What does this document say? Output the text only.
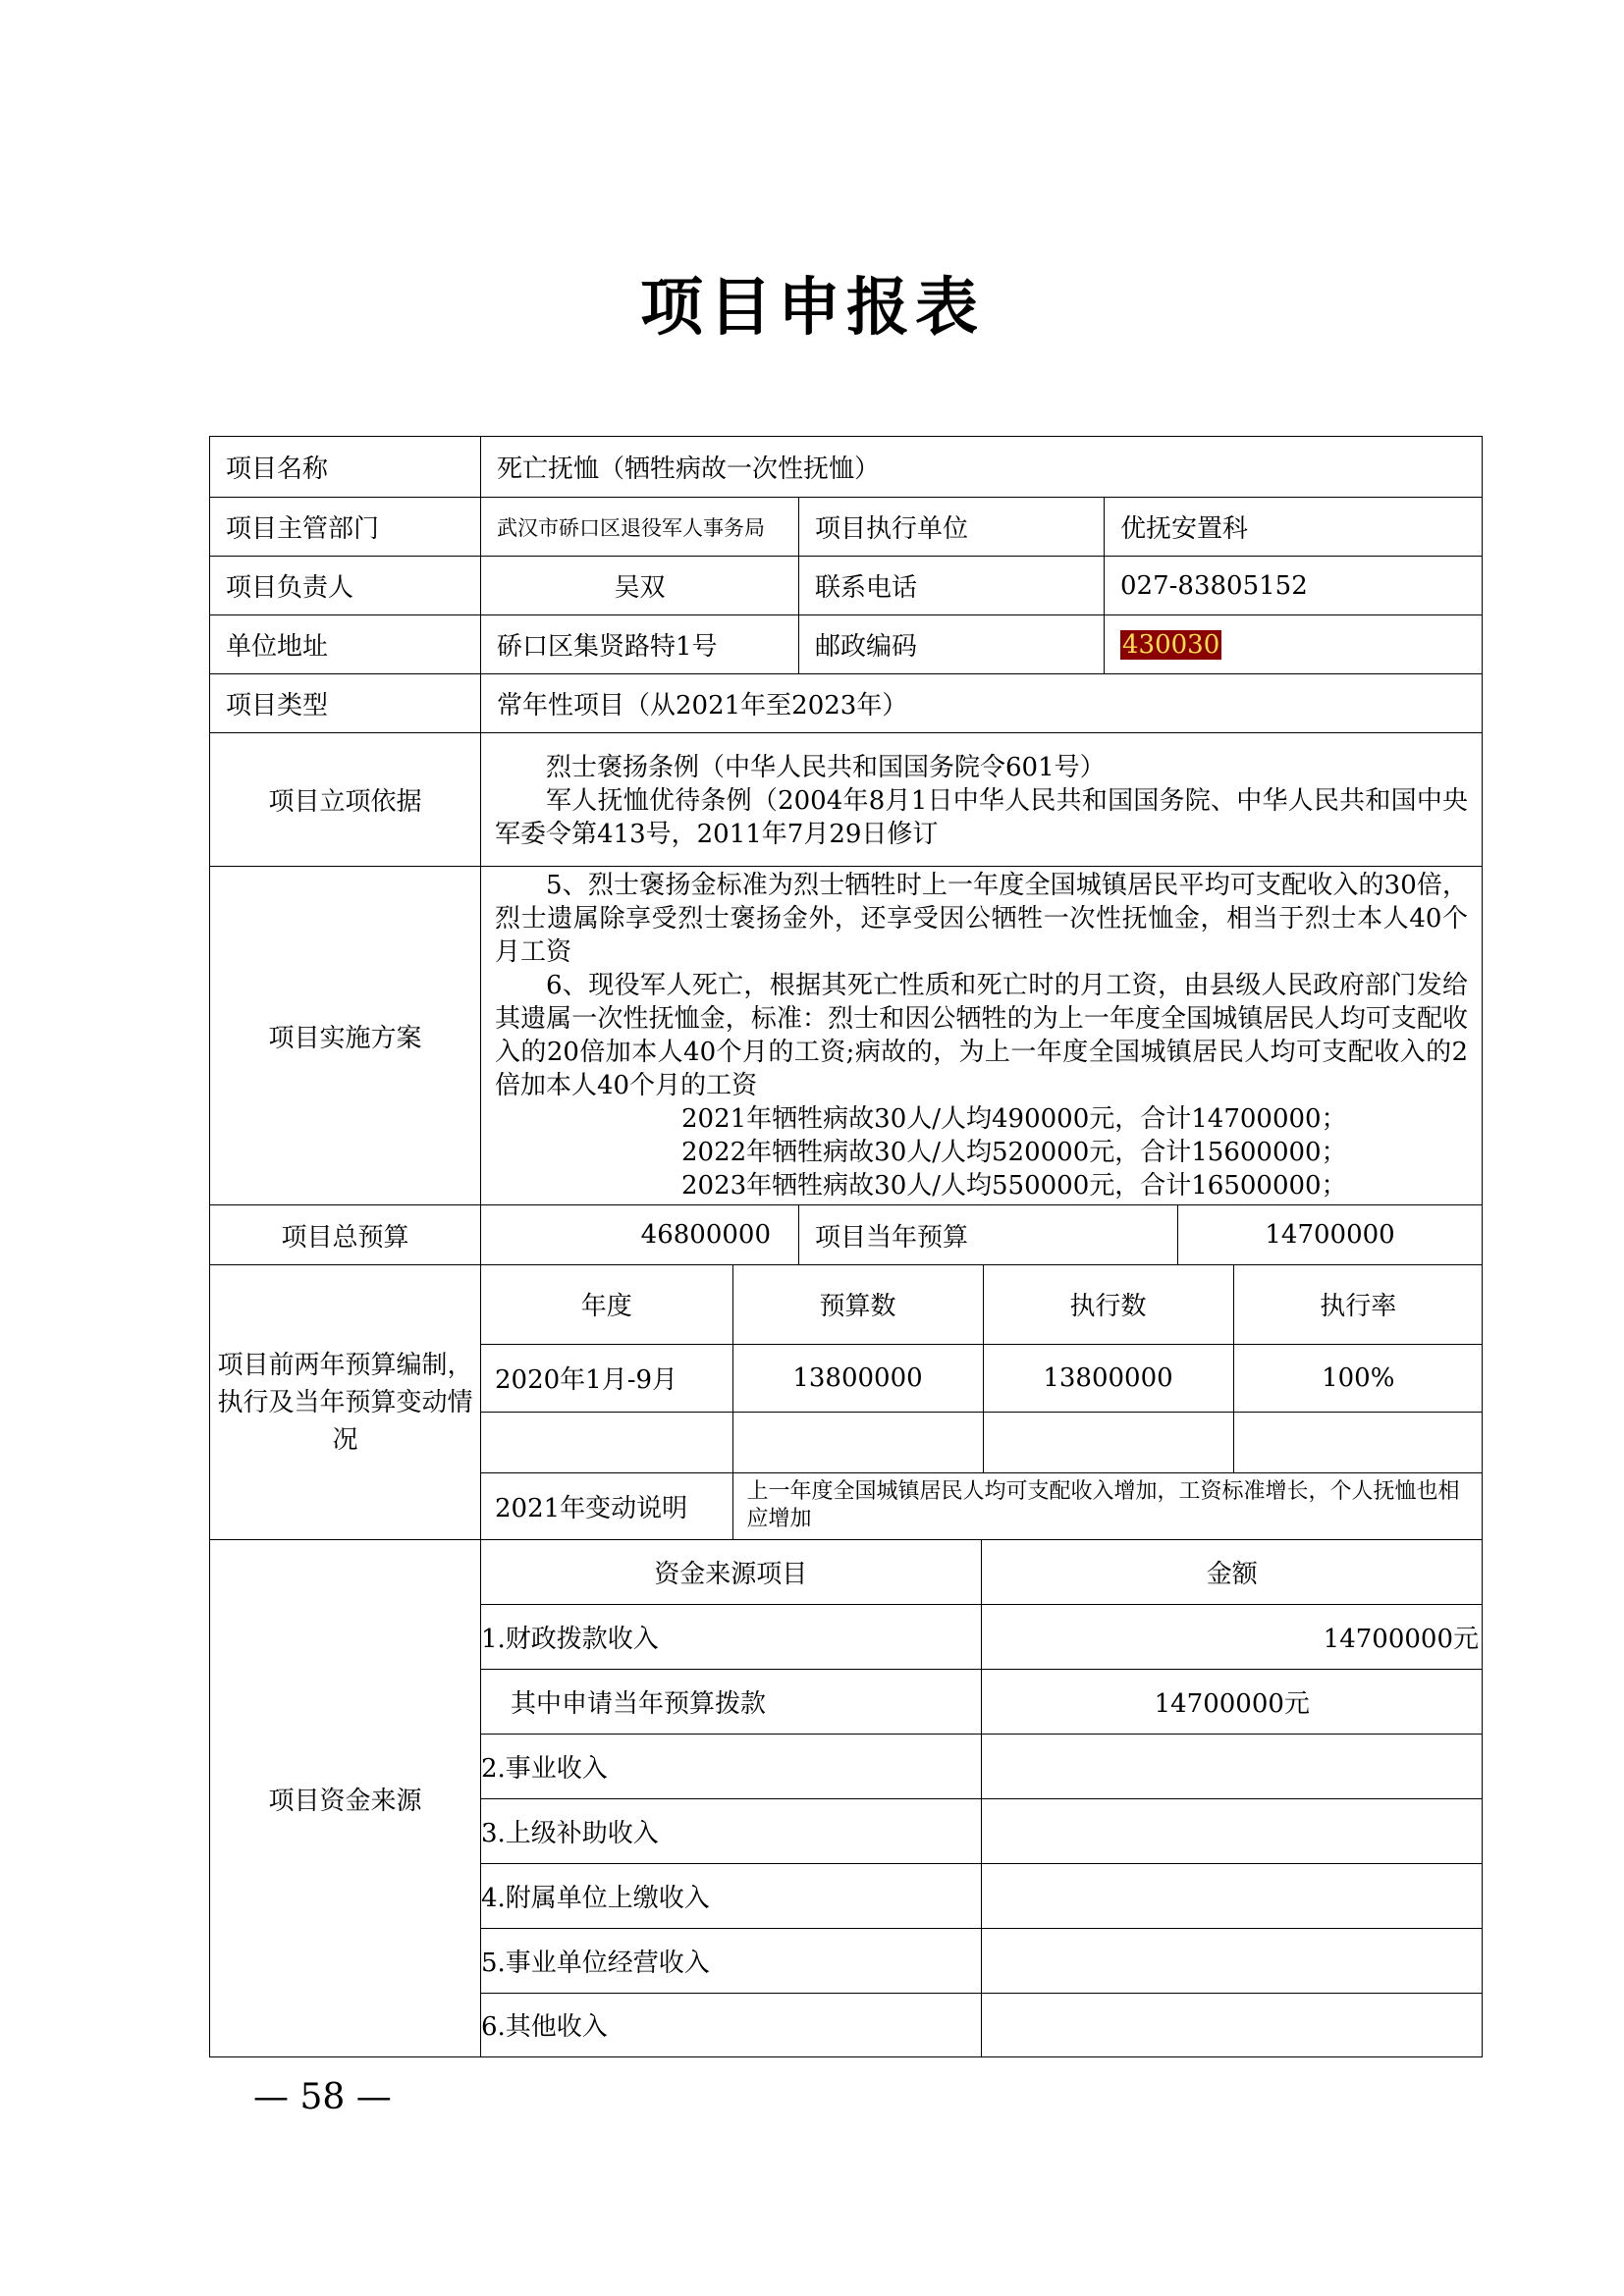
项目申报表
项目名称	死亡抚恤（牺牲病故一次性抚恤）
项目主管部门	武汉市硚口区退役军人事务局	项目执行单位	优抚安置科
项目负责人	吴双	联系电话	027-83805152
单位地址	硚口区集贤路特1号	邮政编码	430030
项目类型	常年性项目（从2021年至2023年）
项目立项依据	

烈士褒扬条例（中华人民共和国国务院令601号）

军人抚恤优待条例（2004年8月1日中华人民共和国国务院、中华人民共和国中央军委令第413号，2011年7月29日修订

项目实施方案	

5、烈士褒扬金标准为烈士牺牲时上一年度全国城镇居民平均可支配收入的30倍，烈士遗属除享受烈士褒扬金外，还享受因公牺牲一次性抚恤金，相当于烈士本人40个月工资

6、现役军人死亡，根据其死亡性质和死亡时的月工资，由县级人民政府部门发给其遗属一次性抚恤金，标准：烈士和因公牺牲的为上一年度全国城镇居民人均可支配收入的20倍加本人40个月的工资;病故的，为上一年度全国城镇居民人均可支配收入的2倍加本人40个月的工资

2021年牺牲病故30人/人均490000元，合计14700000；

2022年牺牲病故30人/人均520000元，合计15600000；

2023年牺牲病故30人/人均550000元，合计16500000；

项目总预算	46800000	项目当年预算	14700000
项目前两年预算编制，执行及当年预算变动情况	
年度	预算数	执行数	执行率
2020年1月-9月	13800000	13800000	100%

2021年变动说明	上一年度全国城镇居民人均可支配收入增加，工资标准增长，个人抚恤也相应增加

项目资金来源	
资金来源项目	金额
1.财政拨款收入	14700000元
其中申请当年预算拨款	14700000元
2.事业收入	
3.上级补助收入	
4.附属单位上缴收入	
5.事业单位经营收入	
6.其他收入	
— 58 —
